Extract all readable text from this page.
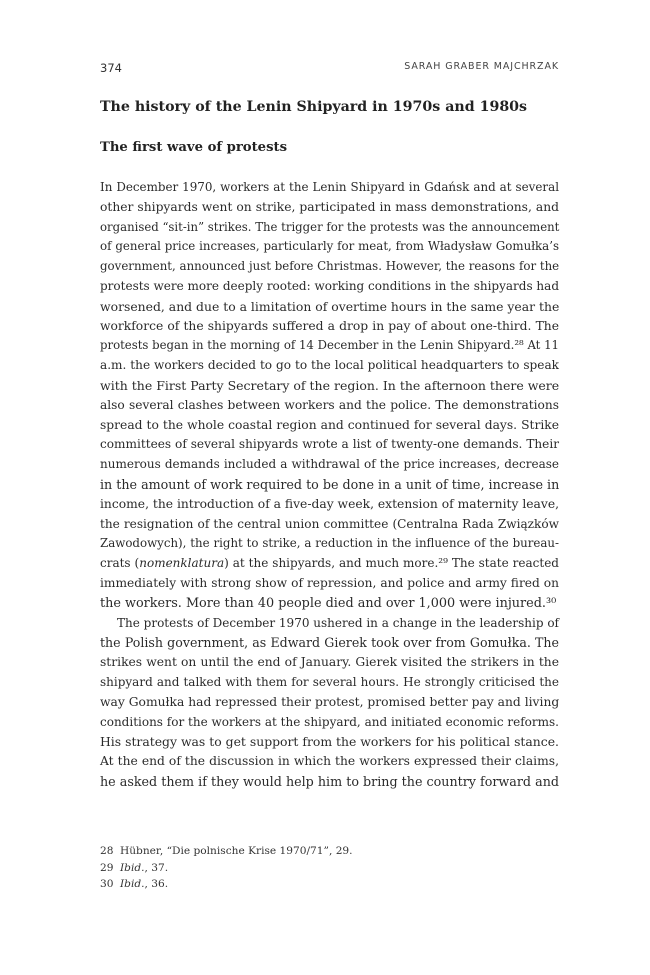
374	SARAH GRABER MAJCHRZAK
The history of the Lenin Shipyard in 1970s and 1980s
The first wave of protests
In December 1970, workers at the Lenin Shipyard in Gdańsk and at several
other shipyards went on strike, participated in mass demonstrations, and
organised “sit-in” strikes. The trigger for the protests was the announcement
of general price increases, particularly for meat, from Władysław Gomułka’s
government, announced just before Christmas. However, the reasons for the
protests were more deeply rooted: working conditions in the shipyards had
worsened, and due to a limitation of overtime hours in the same year the
workforce of the shipyards suffered a drop in pay of about one-third. The
protests began in the morning of 14 December in the Lenin Shipyard.²⁸ At 11
a.m. the workers decided to go to the local political headquarters to speak
with the First Party Secretary of the region. In the afternoon there were
also several clashes between workers and the police. The demonstrations
spread to the whole coastal region and continued for several days. Strike
committees of several shipyards wrote a list of twenty-one demands. Their
numerous demands included a withdrawal of the price increases, decrease
in the amount of work required to be done in a unit of time, increase in
income, the introduction of a five-day week, extension of maternity leave,
the resignation of the central union committee (Centralna Rada Związków
Zawodowych), the right to strike, a reduction in the influence of the bureau-
crats (nomenklatura) at the shipyards, and much more.²⁹ The state reacted
immediately with strong show of repression, and police and army fired on
the workers. More than 40 people died and over 1,000 were injured.³⁰
The protests of December 1970 ushered in a change in the leadership of
the Polish government, as Edward Gierek took over from Gomułka. The
strikes went on until the end of January. Gierek visited the strikers in the
shipyard and talked with them for several hours. He strongly criticised the
way Gomułka had repressed their protest, promised better pay and living
conditions for the workers at the shipyard, and initiated economic reforms.
His strategy was to get support from the workers for his political stance.
At the end of the discussion in which the workers expressed their claims,
he asked them if they would help him to bring the country forward and
28 Hübner, “Die polnische Krise 1970/71”, 29.
29 Ibid., 37.
30 Ibid., 36.
